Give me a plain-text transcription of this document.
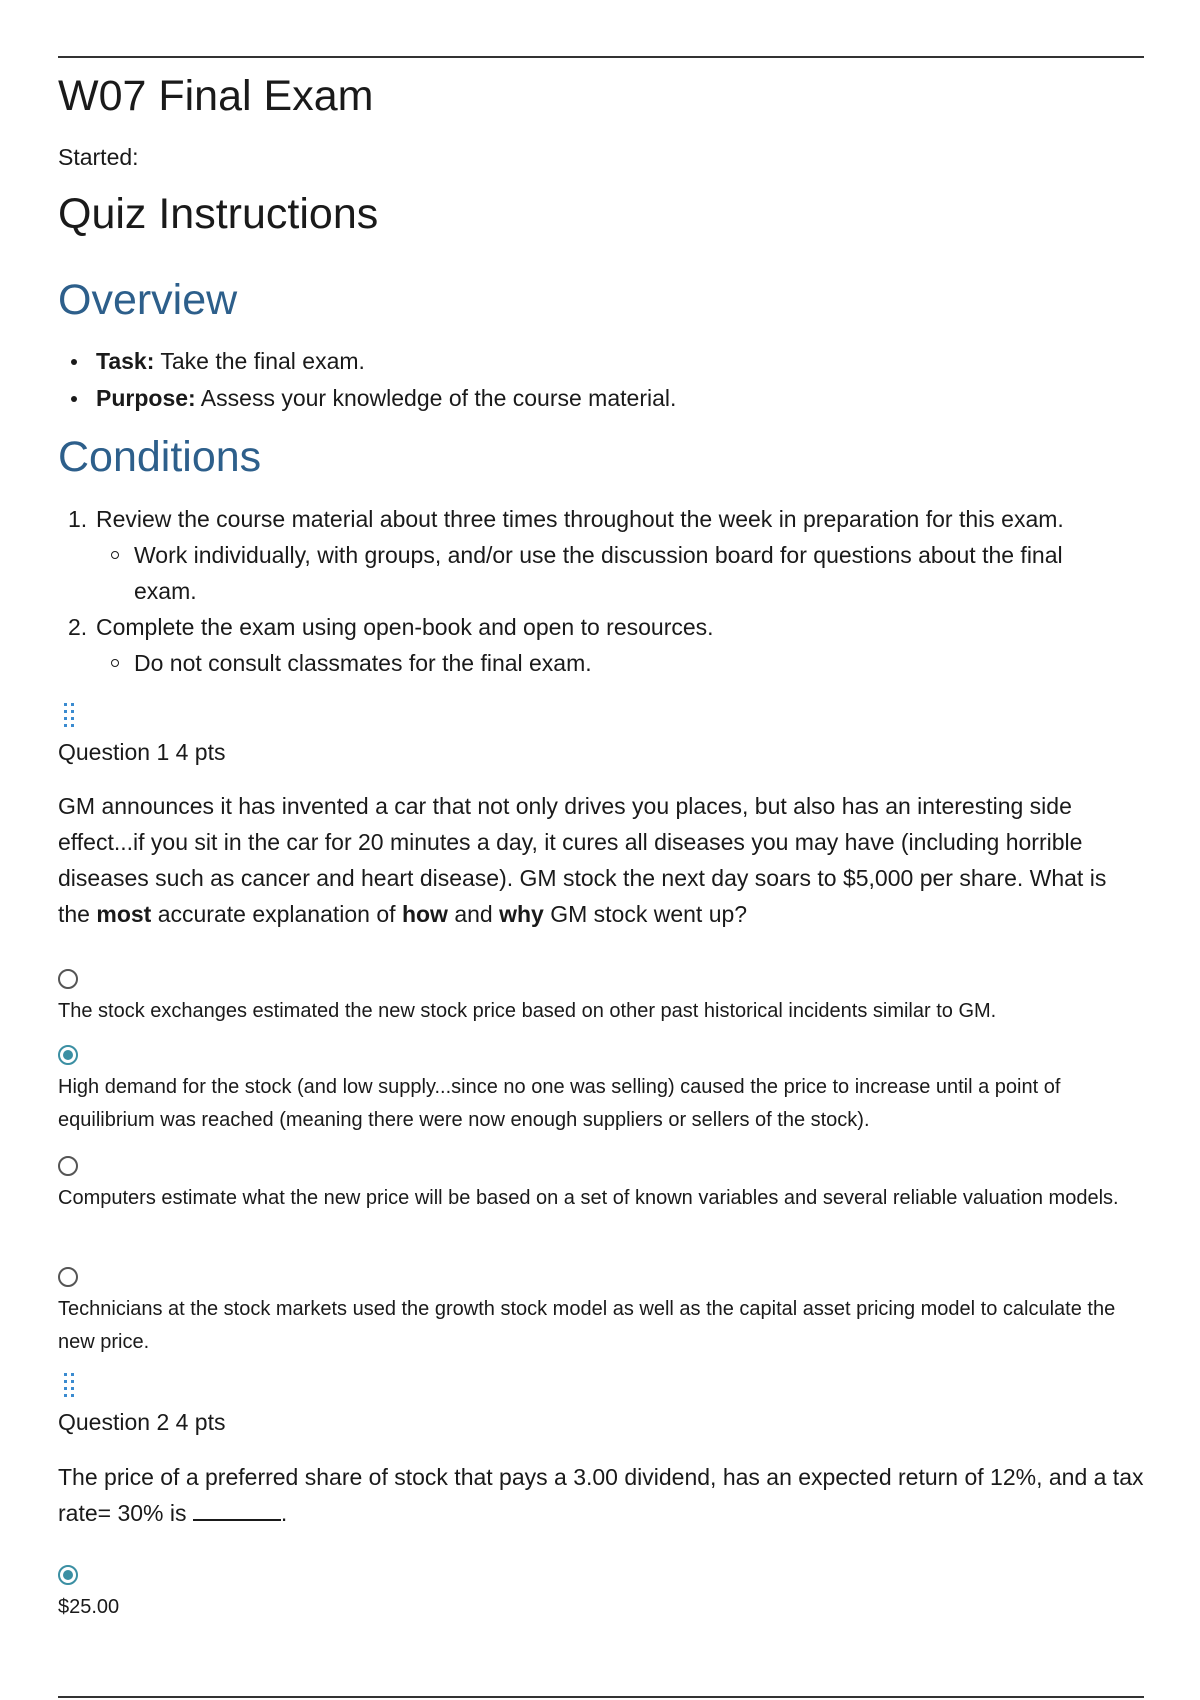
W07 Final Exam
Started:
Quiz Instructions
Overview
Task: Take the final exam.
Purpose: Assess your knowledge of the course material.
Conditions
1. Review the course material about three times throughout the week in preparation for this exam.
Work individually, with groups, and/or use the discussion board for questions about the final exam.
2. Complete the exam using open-book and open to resources.
Do not consult classmates for the final exam.
Question 1 4 pts
GM announces it has invented a car that not only drives you places, but also has an interesting side effect...if you sit in the car for 20 minutes a day, it cures all diseases you may have (including horrible diseases such as cancer and heart disease). GM stock the next day soars to $5,000 per share. What is the most accurate explanation of how and why GM stock went up?
The stock exchanges estimated the new stock price based on other past historical incidents similar to GM.
High demand for the stock (and low supply...since no one was selling) caused the price to increase until a point of equilibrium was reached (meaning there were now enough suppliers or sellers of the stock).
Computers estimate what the new price will be based on a set of known variables and several reliable valuation models.
Technicians at the stock markets used the growth stock model as well as the capital asset pricing model to calculate the new price.
Question 2 4 pts
The price of a preferred share of stock that pays a 3.00 dividend, has an expected return of 12%, and a tax rate= 30% is	.
$25.00
